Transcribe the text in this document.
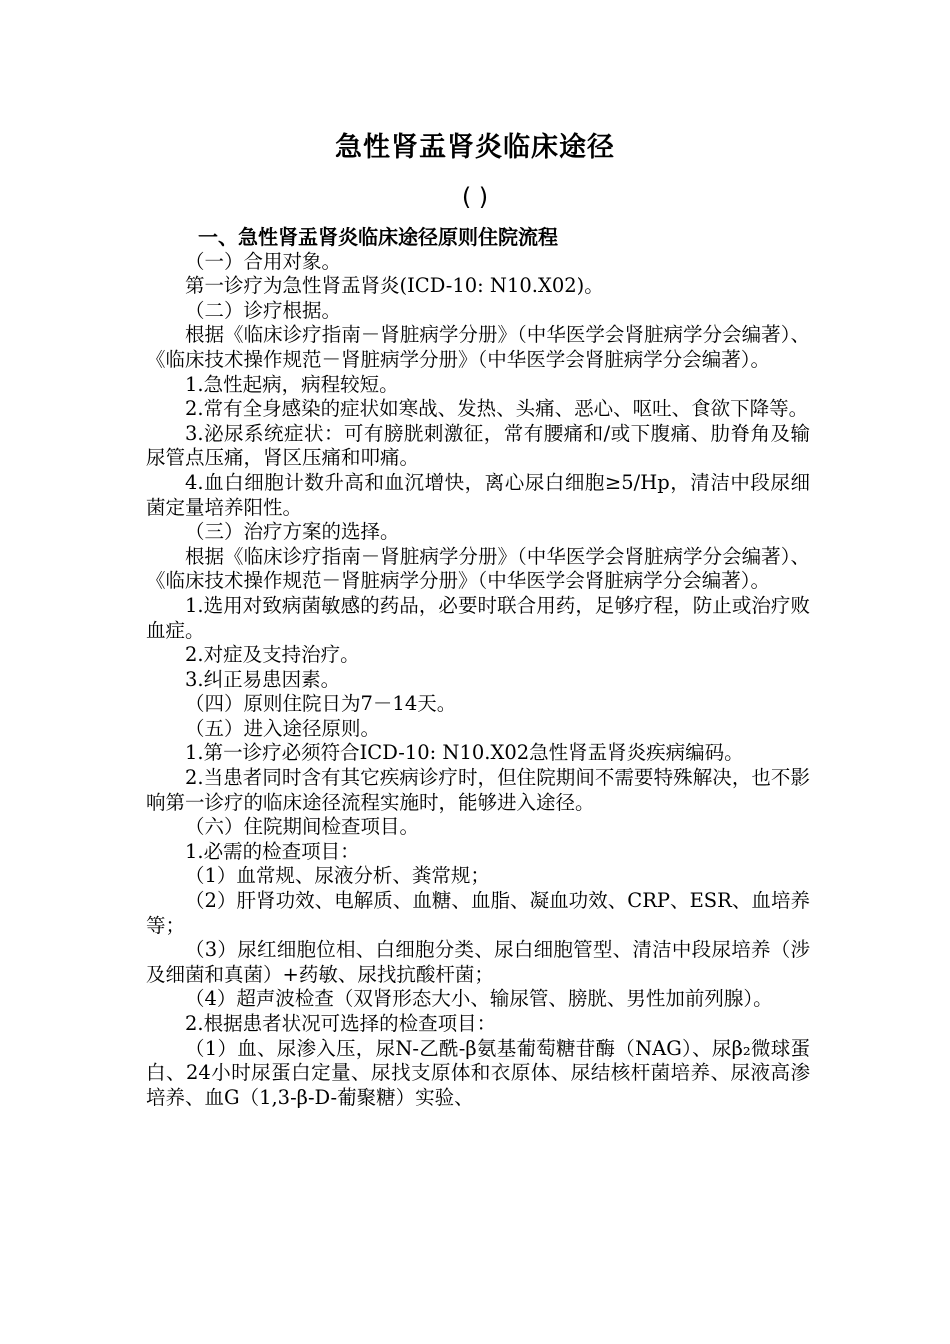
急性肾盂肾炎临床途径
( )

一、急性肾盂肾炎临床途径原则住院流程

（一）合用对象。

第一诊疗为急性肾盂肾炎(ICD-10: N10.X02)。

（二）诊疗根据。

根据《临床诊疗指南－肾脏病学分册》（中华医学会肾脏病学分会编著）、《临床技术操作规范－肾脏病学分册》（中华医学会肾脏病学分会编著）。

1.急性起病，病程较短。

2.常有全身感染的症状如寒战、发热、头痛、恶心、呕吐、食欲下降等。

3.泌尿系统症状：可有膀胱刺激征，常有腰痛和/或下腹痛、肋脊角及输尿管点压痛，肾区压痛和叩痛。

4.血白细胞计数升高和血沉增快，离心尿白细胞≥5/Hp，清洁中段尿细菌定量培养阳性。

（三）治疗方案的选择。

根据《临床诊疗指南－肾脏病学分册》（中华医学会肾脏病学分会编著）、《临床技术操作规范－肾脏病学分册》（中华医学会肾脏病学分会编著）。

1.选用对致病菌敏感的药品，必要时联合用药，足够疗程，防止或治疗败血症。

2.对症及支持治疗。

3.纠正易患因素。

（四）原则住院日为7－14天。

（五）进入途径原则。

1.第一诊疗必须符合ICD-10: N10.X02急性肾盂肾炎疾病编码。

2.当患者同时含有其它疾病诊疗时，但住院期间不需要特殊解决，也不影响第一诊疗的临床途径流程实施时，能够进入途径。

（六）住院期间检查项目。

1.必需的检查项目：

（1）血常规、尿液分析、粪常规；

（2）肝肾功效、电解质、血糖、血脂、凝血功效、CRP、ESR、血培养等；

（3）尿红细胞位相、白细胞分类、尿白细胞管型、清洁中段尿培养（涉及细菌和真菌）+药敏、尿找抗酸杆菌；

（4）超声波检查（双肾形态大小、输尿管、膀胱、男性加前列腺）。

2.根据患者状况可选择的检查项目：

（1）血、尿渗入压，尿N-乙酰-β氨基葡萄糖苷酶（NAG）、尿β₂微球蛋白、24小时尿蛋白定量、尿找支原体和衣原体、尿结核杆菌培养、尿液高渗培养、血G（1,3-β-D-葡聚糖）实验、
